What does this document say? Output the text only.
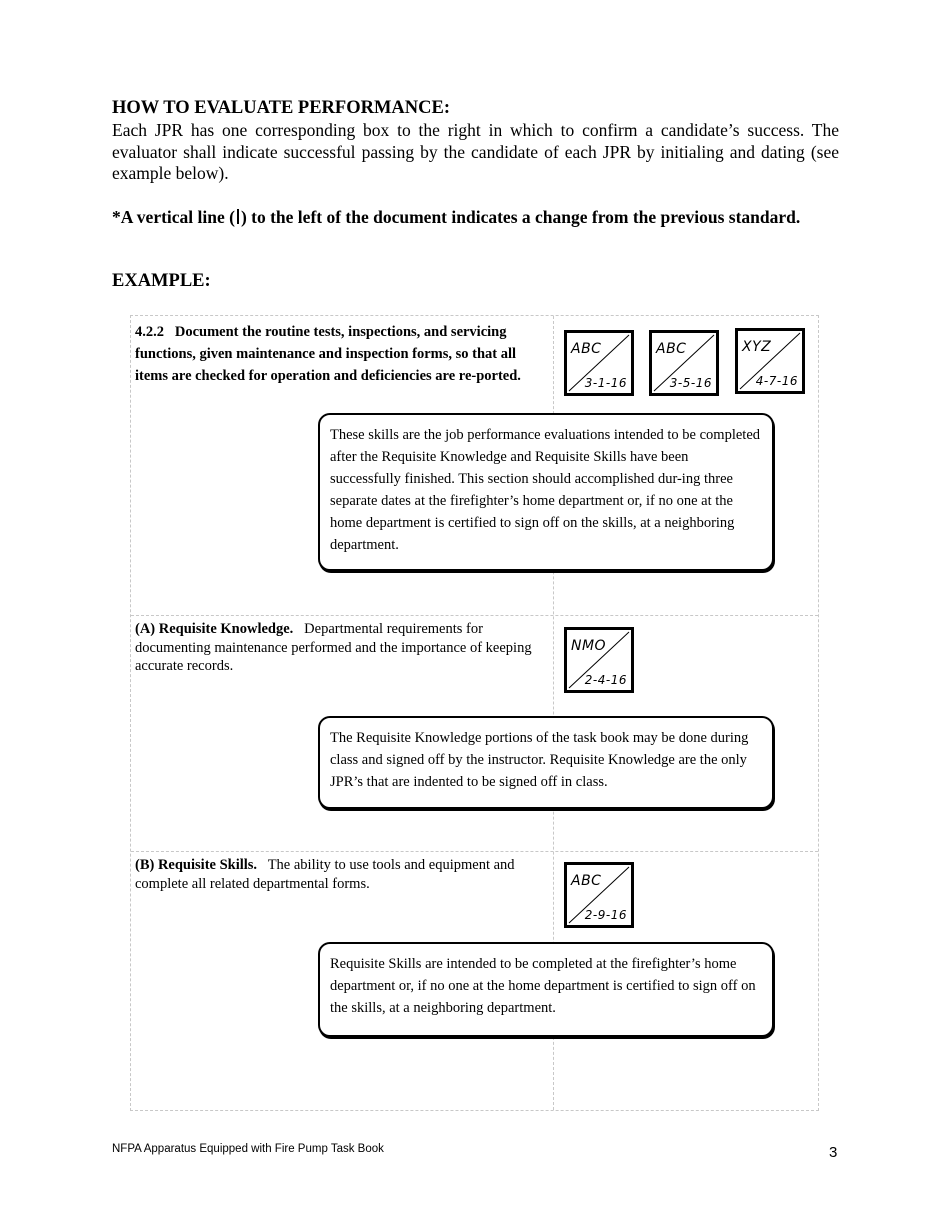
HOW TO EVALUATE PERFORMANCE:

Each JPR has one corresponding box to the right in which to confirm a candidate’s success. The evaluator shall indicate successful passing by the candidate of each JPR by initialing and dating (see example below).

*A vertical line ( ) to the left of the document indicates a change from the previous standard.

EXAMPLE:

4.2.2 Document the routine tests, inspections, and servicing functions, given maintenance and inspection forms, so that all items are checked for operation and deficiencies are re-ported.

ABC
3-1-16
ABC
3-5-16
XYZ
4-7-16

These skills are the job performance evaluations intended to be completed after the Requisite Knowledge and Requisite Skills have been successfully finished. This section should accomplished dur-ing three separate dates at the firefighter’s home department or, if no one at the home department is certified to sign off on the skills, at a neighboring department.

(A) Requisite Knowledge. Departmental requirements for documenting maintenance performed and the importance of keeping accurate records.

NMO
2-4-16

The Requisite Knowledge portions of the task book may be done during class and signed off by the instructor. Requisite Knowledge are the only JPR’s that are indented to be signed off in class.

(B) Requisite Skills. The ability to use tools and equipment and complete all related departmental forms.	ABC
2-9-16

Requisite Skills are intended to be completed at the firefighter’s home department or, if no one at the home department is certified to sign off on the skills, at a neighboring department.

NFPA Apparatus Equipped with Fire Pump Task Book	3
